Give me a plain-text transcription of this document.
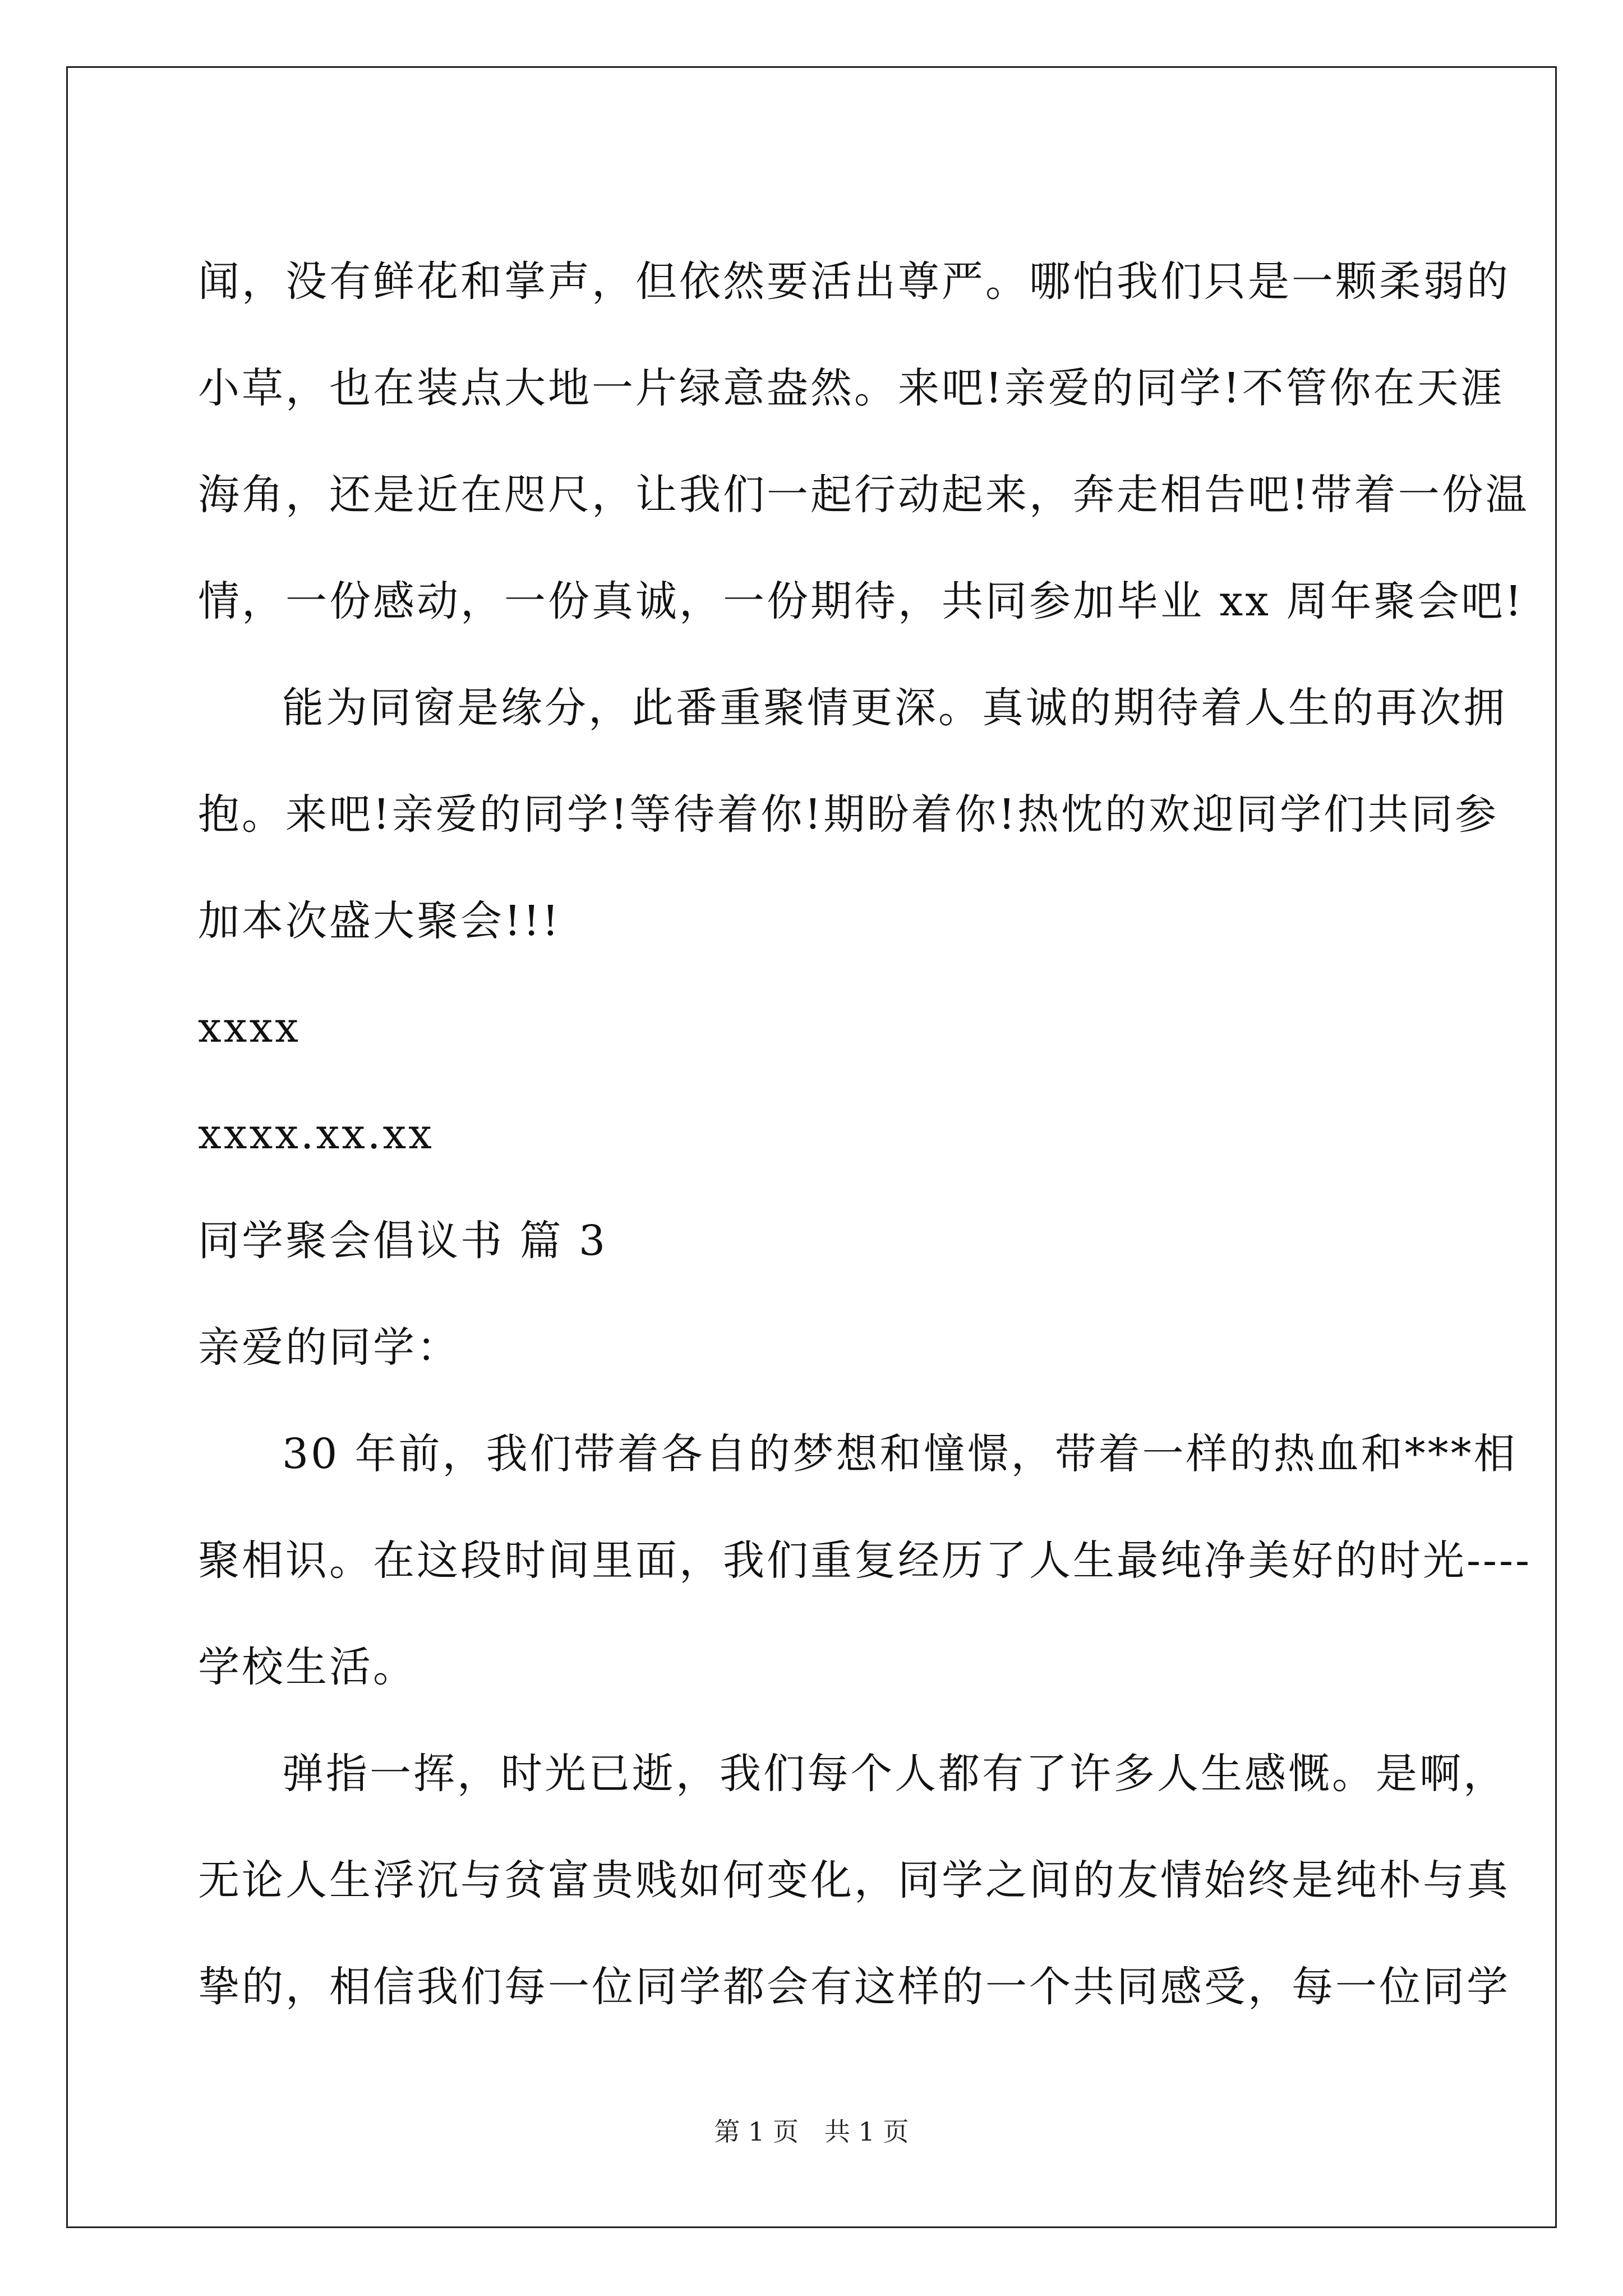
闻，没有鲜花和掌声，但依然要活出尊严。哪怕我们只是一颗柔弱的
小草，也在装点大地一片绿意盎然。来吧!亲爱的同学!不管你在天涯
海角，还是近在咫尺，让我们一起行动起来，奔走相告吧!带着一份温
情，一份感动，一份真诚，一份期待，共同参加毕业 xx 周年聚会吧!
能为同窗是缘分，此番重聚情更深。真诚的期待着人生的再次拥
抱。来吧!亲爱的同学!等待着你!期盼着你!热忱的欢迎同学们共同参
加本次盛大聚会!!!
xxxx
xxxx.xx.xx
同学聚会倡议书 篇 3
亲爱的同学：
30 年前，我们带着各自的梦想和憧憬，带着一样的热血和***相
聚相识。在这段时间里面，我们重复经历了人生最纯净美好的时光----
学校生活。
弹指一挥，时光已逝，我们每个人都有了许多人生感慨。是啊，
无论人生浮沉与贫富贵贱如何变化，同学之间的友情始终是纯朴与真
挚的，相信我们每一位同学都会有这样的一个共同感受，每一位同学
第 1 页　共 1 页
